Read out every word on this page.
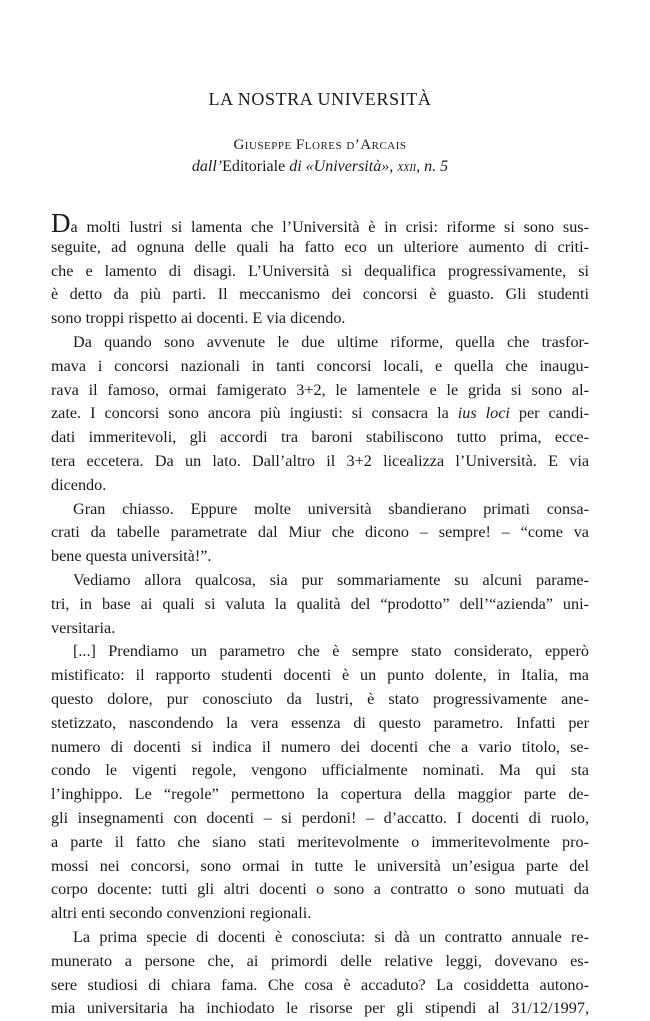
LA NOSTRA UNIVERSITÀ
Giuseppe Flores d’Arcais
dall’Editoriale di «Università», xxii, n. 5
Da molti lustri si lamenta che l’Università è in crisi: riforme si sono sus-
seguite, ad ognuna delle quali ha fatto eco un ulteriore aumento di criti-
che e lamento di disagi. L’Università si dequalifica progressivamente, si
è detto da più parti. Il meccanismo dei concorsi è guasto. Gli studenti
sono troppi rispetto ai docenti. E via dicendo.
Da quando sono avvenute le due ultime riforme, quella che trasfor-
mava i concorsi nazionali in tanti concorsi locali, e quella che inaugu-
rava il famoso, ormai famigerato 3+2, le lamentele e le grida si sono al-
zate. I concorsi sono ancora più ingiusti: si consacra la ius loci per candi-
dati immeritevoli, gli accordi tra baroni stabiliscono tutto prima, ecce-
tera eccetera. Da un lato. Dall’altro il 3+2 licealizza l’Università. E via
dicendo.
Gran chiasso. Eppure molte università sbandierano primati consa-
crati da tabelle parametrate dal Miur che dicono – sempre! – “come va
bene questa università!”.
Vediamo allora qualcosa, sia pur sommariamente su alcuni parame-
tri, in base ai quali si valuta la qualità del “prodotto” dell’“azienda” uni-
versitaria.
[...] Prendiamo un parametro che è sempre stato considerato, epperò
mistificato: il rapporto studenti docenti è un punto dolente, in Italia, ma
questo dolore, pur conosciuto da lustri, è stato progressivamente ane-
stetizzato, nascondendo la vera essenza di questo parametro. Infatti per
numero di docenti si indica il numero dei docenti che a vario titolo, se-
condo le vigenti regole, vengono ufficialmente nominati. Ma qui sta
l’inghippo. Le “regole” permettono la copertura della maggior parte de-
gli insegnamenti con docenti – si perdoni! – d’accatto. I docenti di ruolo,
a parte il fatto che siano stati meritevolmente o immeritevolmente pro-
mossi nei concorsi, sono ormai in tutte le università un’esigua parte del
corpo docente: tutti gli altri docenti o sono a contratto o sono mutuati da
altri enti secondo convenzioni regionali.
La prima specie di docenti è conosciuta: si dà un contratto annuale re-
munerato a persone che, ai primordi delle relative leggi, dovevano es-
sere studiosi di chiara fama. Che cosa è accaduto? La cosiddetta autono-
mia universitaria ha inchiodato le risorse per gli stipendi al 31/12/1997,
